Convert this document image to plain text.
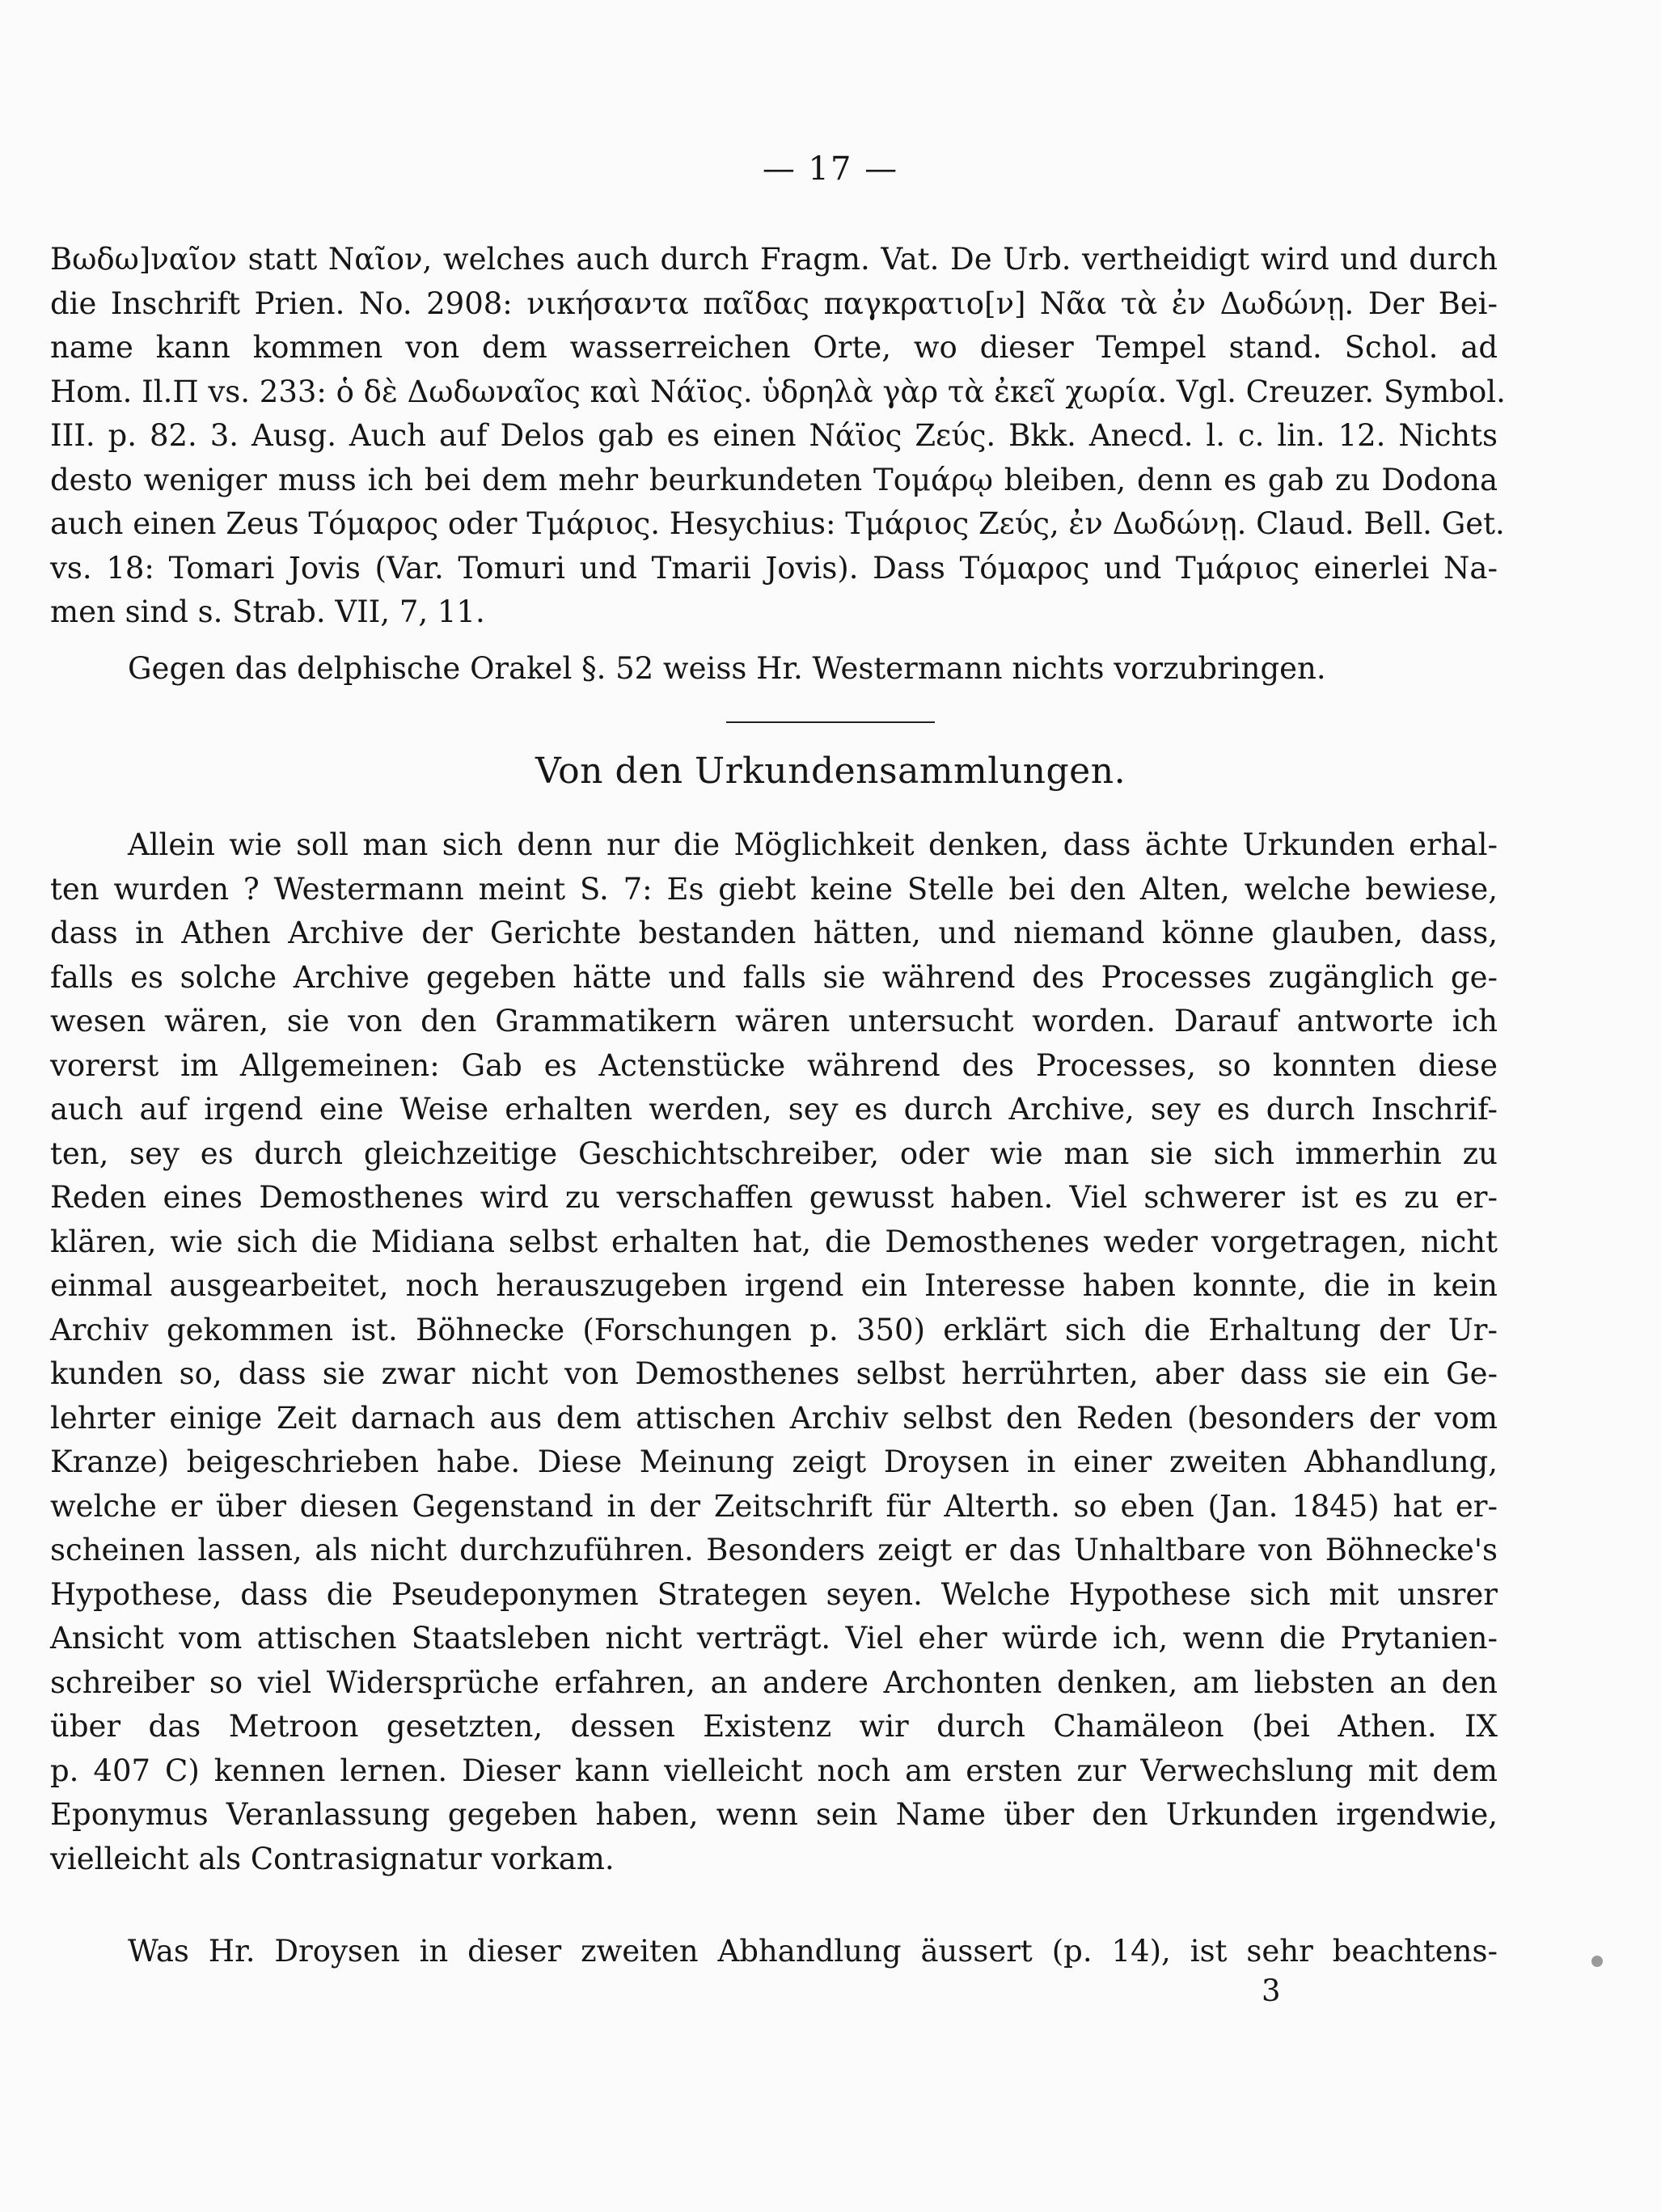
— 17 —
Βωδω]ναῖον statt Ναῖον, welches auch durch Fragm. Vat. De Urb. vertheidigt wird und durch
die Inschrift Prien. No. 2908: νικήσαντα παῖδας παγκρατιο[ν] Νᾶα τὰ ἐν Δωδώνῃ. Der Bei-
name kann kommen von dem wasserreichen Orte, wo dieser Tempel stand. Schol. ad
Hom. Il.Π vs. 233: ὁ δὲ Δωδωναῖος καὶ Νάϊος. ὑδρηλὰ γὰρ τὰ ἐκεῖ χωρία. Vgl. Creuzer. Symbol.
III. p. 82. 3. Ausg. Auch auf Delos gab es einen Νάϊος Ζεύς. Bkk. Anecd. l. c. lin. 12. Nichts
desto weniger muss ich bei dem mehr beurkundeten Τομάρῳ bleiben, denn es gab zu Dodona
auch einen Zeus Τόμαρος oder Τμάριος. Hesychius: Τμάριος Ζεύς, ἐν Δωδώνῃ. Claud. Bell. Get.
vs. 18: Tomari Jovis (Var. Tomuri und Tmarii Jovis). Dass Τόμαρος und Τμάριος einerlei Na-
men sind s. Strab. VII, 7, 11.
Gegen das delphische Orakel §. 52 weiss Hr. Westermann nichts vorzubringen.
Von den Urkundensammlungen.
Allein wie soll man sich denn nur die Möglichkeit denken, dass ächte Urkunden erhal-
ten wurden ? Westermann meint S. 7: Es giebt keine Stelle bei den Alten, welche bewiese,
dass in Athen Archive der Gerichte bestanden hätten, und niemand könne glauben, dass,
falls es solche Archive gegeben hätte und falls sie während des Processes zugänglich ge-
wesen wären, sie von den Grammatikern wären untersucht worden. Darauf antworte ich
vorerst im Allgemeinen: Gab es Actenstücke während des Processes, so konnten diese
auch auf irgend eine Weise erhalten werden, sey es durch Archive, sey es durch Inschrif-
ten, sey es durch gleichzeitige Geschichtschreiber, oder wie man sie sich immerhin zu
Reden eines Demosthenes wird zu verschaffen gewusst haben. Viel schwerer ist es zu er-
klären, wie sich die Midiana selbst erhalten hat, die Demosthenes weder vorgetragen, nicht
einmal ausgearbeitet, noch herauszugeben irgend ein Interesse haben konnte, die in kein
Archiv gekommen ist. Böhnecke (Forschungen p. 350) erklärt sich die Erhaltung der Ur-
kunden so, dass sie zwar nicht von Demosthenes selbst herrührten, aber dass sie ein Ge-
lehrter einige Zeit darnach aus dem attischen Archiv selbst den Reden (besonders der vom
Kranze) beigeschrieben habe. Diese Meinung zeigt Droysen in einer zweiten Abhandlung,
welche er über diesen Gegenstand in der Zeitschrift für Alterth. so eben (Jan. 1845) hat er-
scheinen lassen, als nicht durchzuführen. Besonders zeigt er das Unhaltbare von Böhnecke's
Hypothese, dass die Pseudeponymen Strategen seyen. Welche Hypothese sich mit unsrer
Ansicht vom attischen Staatsleben nicht verträgt. Viel eher würde ich, wenn die Prytanien-
schreiber so viel Widersprüche erfahren, an andere Archonten denken, am liebsten an den
über das Metroon gesetzten, dessen Existenz wir durch Chamäleon (bei Athen. IX
p. 407 C) kennen lernen. Dieser kann vielleicht noch am ersten zur Verwechslung mit dem
Eponymus Veranlassung gegeben haben, wenn sein Name über den Urkunden irgendwie,
vielleicht als Contrasignatur vorkam.
Was Hr. Droysen in dieser zweiten Abhandlung äussert (p. 14), ist sehr beachtens-
3
